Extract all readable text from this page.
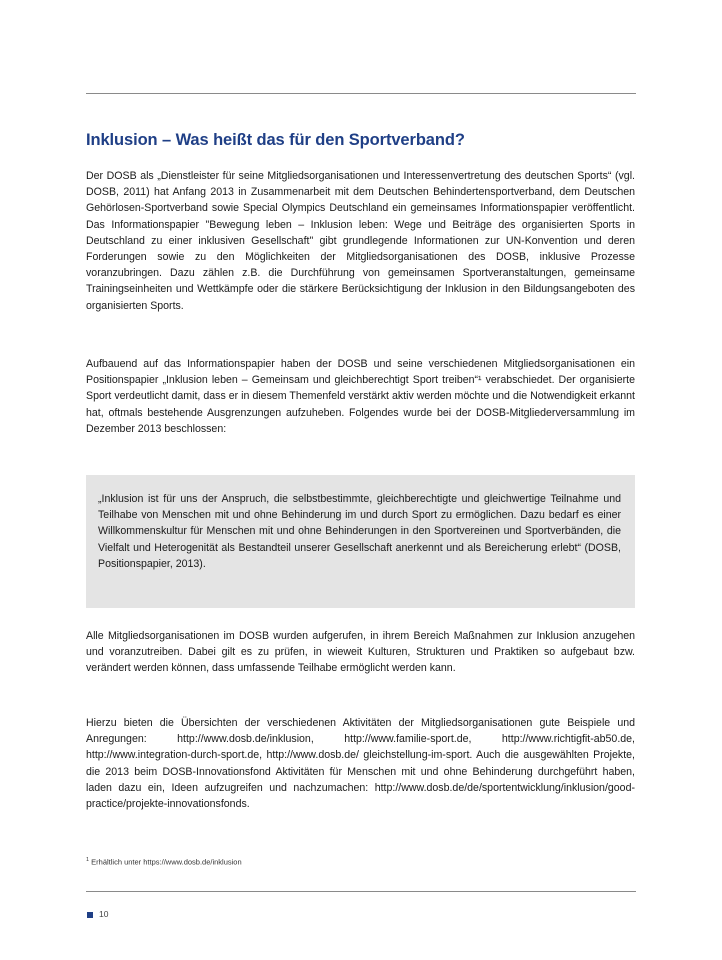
Inklusion – Was heißt das für den Sportverband?

Der DOSB als „Dienstleister für seine Mitgliedsorganisationen und Interessenvertretung des deutschen Sports“ (vgl. DOSB, 2011) hat Anfang 2013 in Zusammenarbeit mit dem Deutschen Behindertensportverband, dem Deutschen Gehörlosen-Sportverband sowie Special Olympics Deutschland ein gemeinsames Informationspapier veröffentlicht. Das Informationspapier "Bewegung leben – Inklusion leben: Wege und Beiträge des organisierten Sports in Deutschland zu einer inklusiven Gesellschaft" gibt grundlegende Informationen zur UN-Konvention und deren Forderungen sowie zu den Möglichkeiten der Mitgliedsorganisationen des DOSB, inklusive Prozesse voranzubringen. Dazu zählen z.B. die Durchführung von gemeinsamen Sportveranstaltungen, gemeinsame Trainingseinheiten und Wettkämpfe oder die stärkere Berücksichtigung der Inklusion in den Bildungsangeboten des organisierten Sports.

Aufbauend auf das Informationspapier haben der DOSB und seine verschiedenen Mitgliedsorganisationen ein Positionspapier „Inklusion leben – Gemeinsam und gleichberechtigt Sport treiben“¹ verabschiedet. Der organisierte Sport verdeutlicht damit, dass er in diesem Themenfeld verstärkt aktiv werden möchte und die Notwendigkeit erkannt hat, oftmals bestehende Ausgrenzungen aufzuheben. Folgendes wurde bei der DOSB-Mitgliederversammlung im Dezember 2013 beschlossen:

„Inklusion ist für uns der Anspruch, die selbstbestimmte, gleichberechtigte und gleichwertige Teilnahme und Teilhabe von Menschen mit und ohne Behinderung im und durch Sport zu ermöglichen. Dazu bedarf es einer Willkommenskultur für Menschen mit und ohne Behinderungen in den Sportvereinen und Sportverbänden, die Vielfalt und Heterogenität als Bestandteil unserer Gesellschaft anerkennt und als Bereicherung erlebt“ (DOSB, Positionspapier, 2013).

Alle Mitgliedsorganisationen im DOSB wurden aufgerufen, in ihrem Bereich Maßnahmen zur Inklusion anzugehen und voranzutreiben. Dabei gilt es zu prüfen, in wieweit Kulturen, Strukturen und Praktiken so aufgebaut bzw. verändert werden können, dass umfassende Teilhabe ermöglicht werden kann.

Hierzu bieten die Übersichten der verschiedenen Aktivitäten der Mitgliedsorganisationen gute Beispiele und Anregungen: http://www.dosb.de/inklusion, http://www.familie-sport.de, http://www.richtigfit-ab50.de, http://www.integration-durch-sport.de, http://www.dosb.de/ gleichstellung-im-sport. Auch die ausgewählten Projekte, die 2013 beim DOSB-Innovationsfond Aktivitäten für Menschen mit und ohne Behinderung durchgeführt haben, laden dazu ein, Ideen aufzugreifen und nachzumachen: http://www.dosb.de/de/sportentwicklung/inklusion/good-practice/projekte-innovationsfonds.

$^1$ Erhältlich unter https://www.dosb.de/inklusion

10
